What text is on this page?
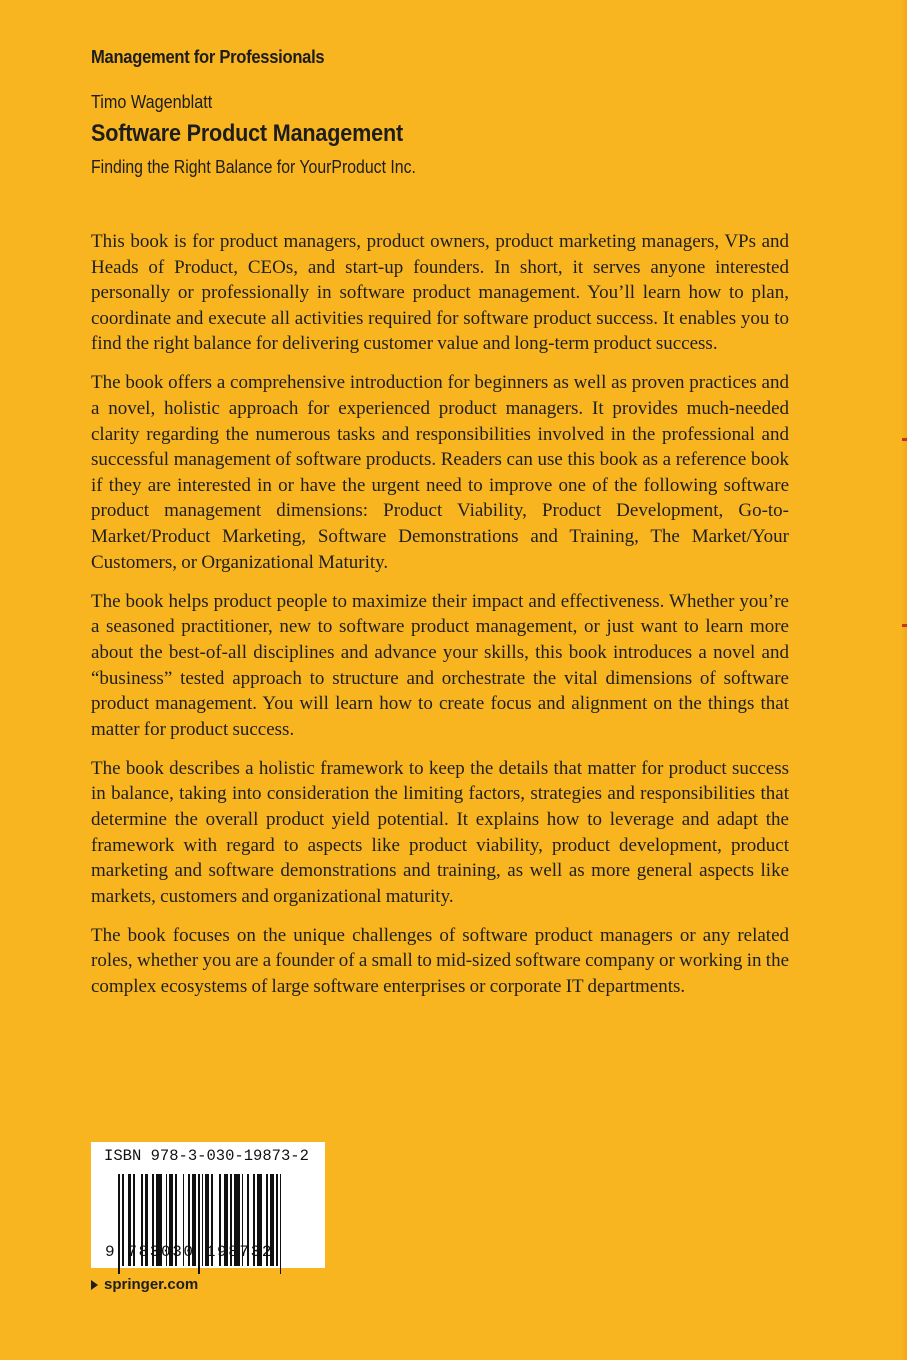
Management for Professionals
Timo Wagenblatt
Software Product Management
Finding the Right Balance for YourProduct Inc.

This book is for product managers, product owners, product marketing managers, VPs and Heads of Product, CEOs, and start-up founders. In short, it serves anyone interested personally or professionally in software product management. You’ll learn how to plan, coordinate and execute all activities required for software product success. It enables you to find the right balance for delivering customer value and long-term product success.

The book offers a comprehensive introduction for beginners as well as proven practices and a novel, holistic approach for experienced product managers. It provides much-needed clarity regarding the numerous tasks and responsibilities involved in the professional and successful management of software products. Readers can use this book as a reference book if they are interested in or have the urgent need to improve one of the following software product management dimensions: Product Viability, Product Development, Go-to-Market/Product Marketing, Software Demonstrations and Training, The Market/Your Customers, or Organizational Maturity.

The book helps product people to maximize their impact and effectiveness. Whether you’re a seasoned practitioner, new to software product management, or just want to learn more about the best-of-all disciplines and advance your skills, this book introduces a novel and “business” tested approach to structure and orchestrate the vital dimensions of software product management. You will learn how to create focus and alignment on the things that matter for product success.

The book describes a holistic framework to keep the details that matter for product success in balance, taking into consideration the limiting factors, strategies and responsibilities that determine the overall product yield potential. It explains how to leverage and adapt the framework with regard to aspects like product viability, product development, product marketing and software demonstrations and training, as well as more general aspects like markets, customers and organizational maturity.

The book focuses on the unique challenges of software product managers or any related roles, whether you are a founder of a small to mid-sized software company or working in the complex ecosystems of large software enterprises or corporate IT departments.

ISBN 978-3-030-19873-2
9 783030 198732
springer.com
